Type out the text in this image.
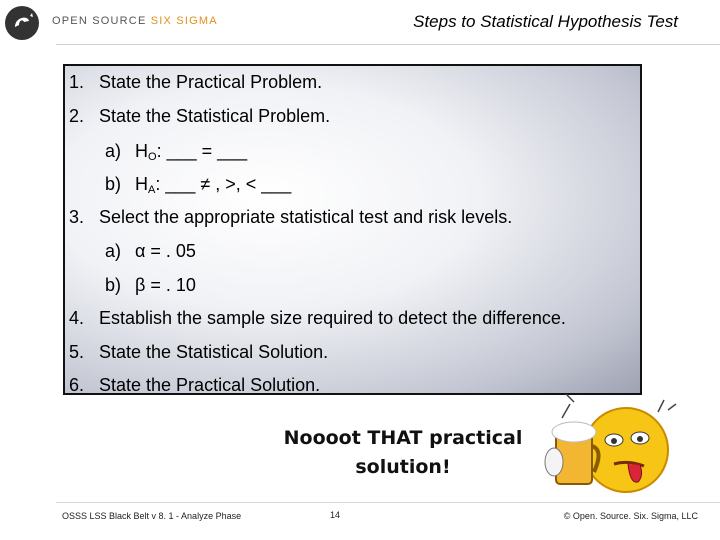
OPEN SOURCE SIX SIGMA	Steps to Statistical Hypothesis Test
1. State the Practical Problem.
2. State the Statistical Problem.
a) $H_O$: ___ = ___
b) $H_A$: ___ ≠ , >, < ___
3. Select the appropriate statistical test and risk levels.
a) α = . 05
b) β = . 10
4. Establish the sample size required to detect the difference.
5. State the Statistical Solution.
6. State the Practical Solution.
Noooot THAT practical
solution!
OSSS LSS Black Belt v 8. 1 - Analyze Phase	14	© Open. Source. Six. Sigma, LLC
